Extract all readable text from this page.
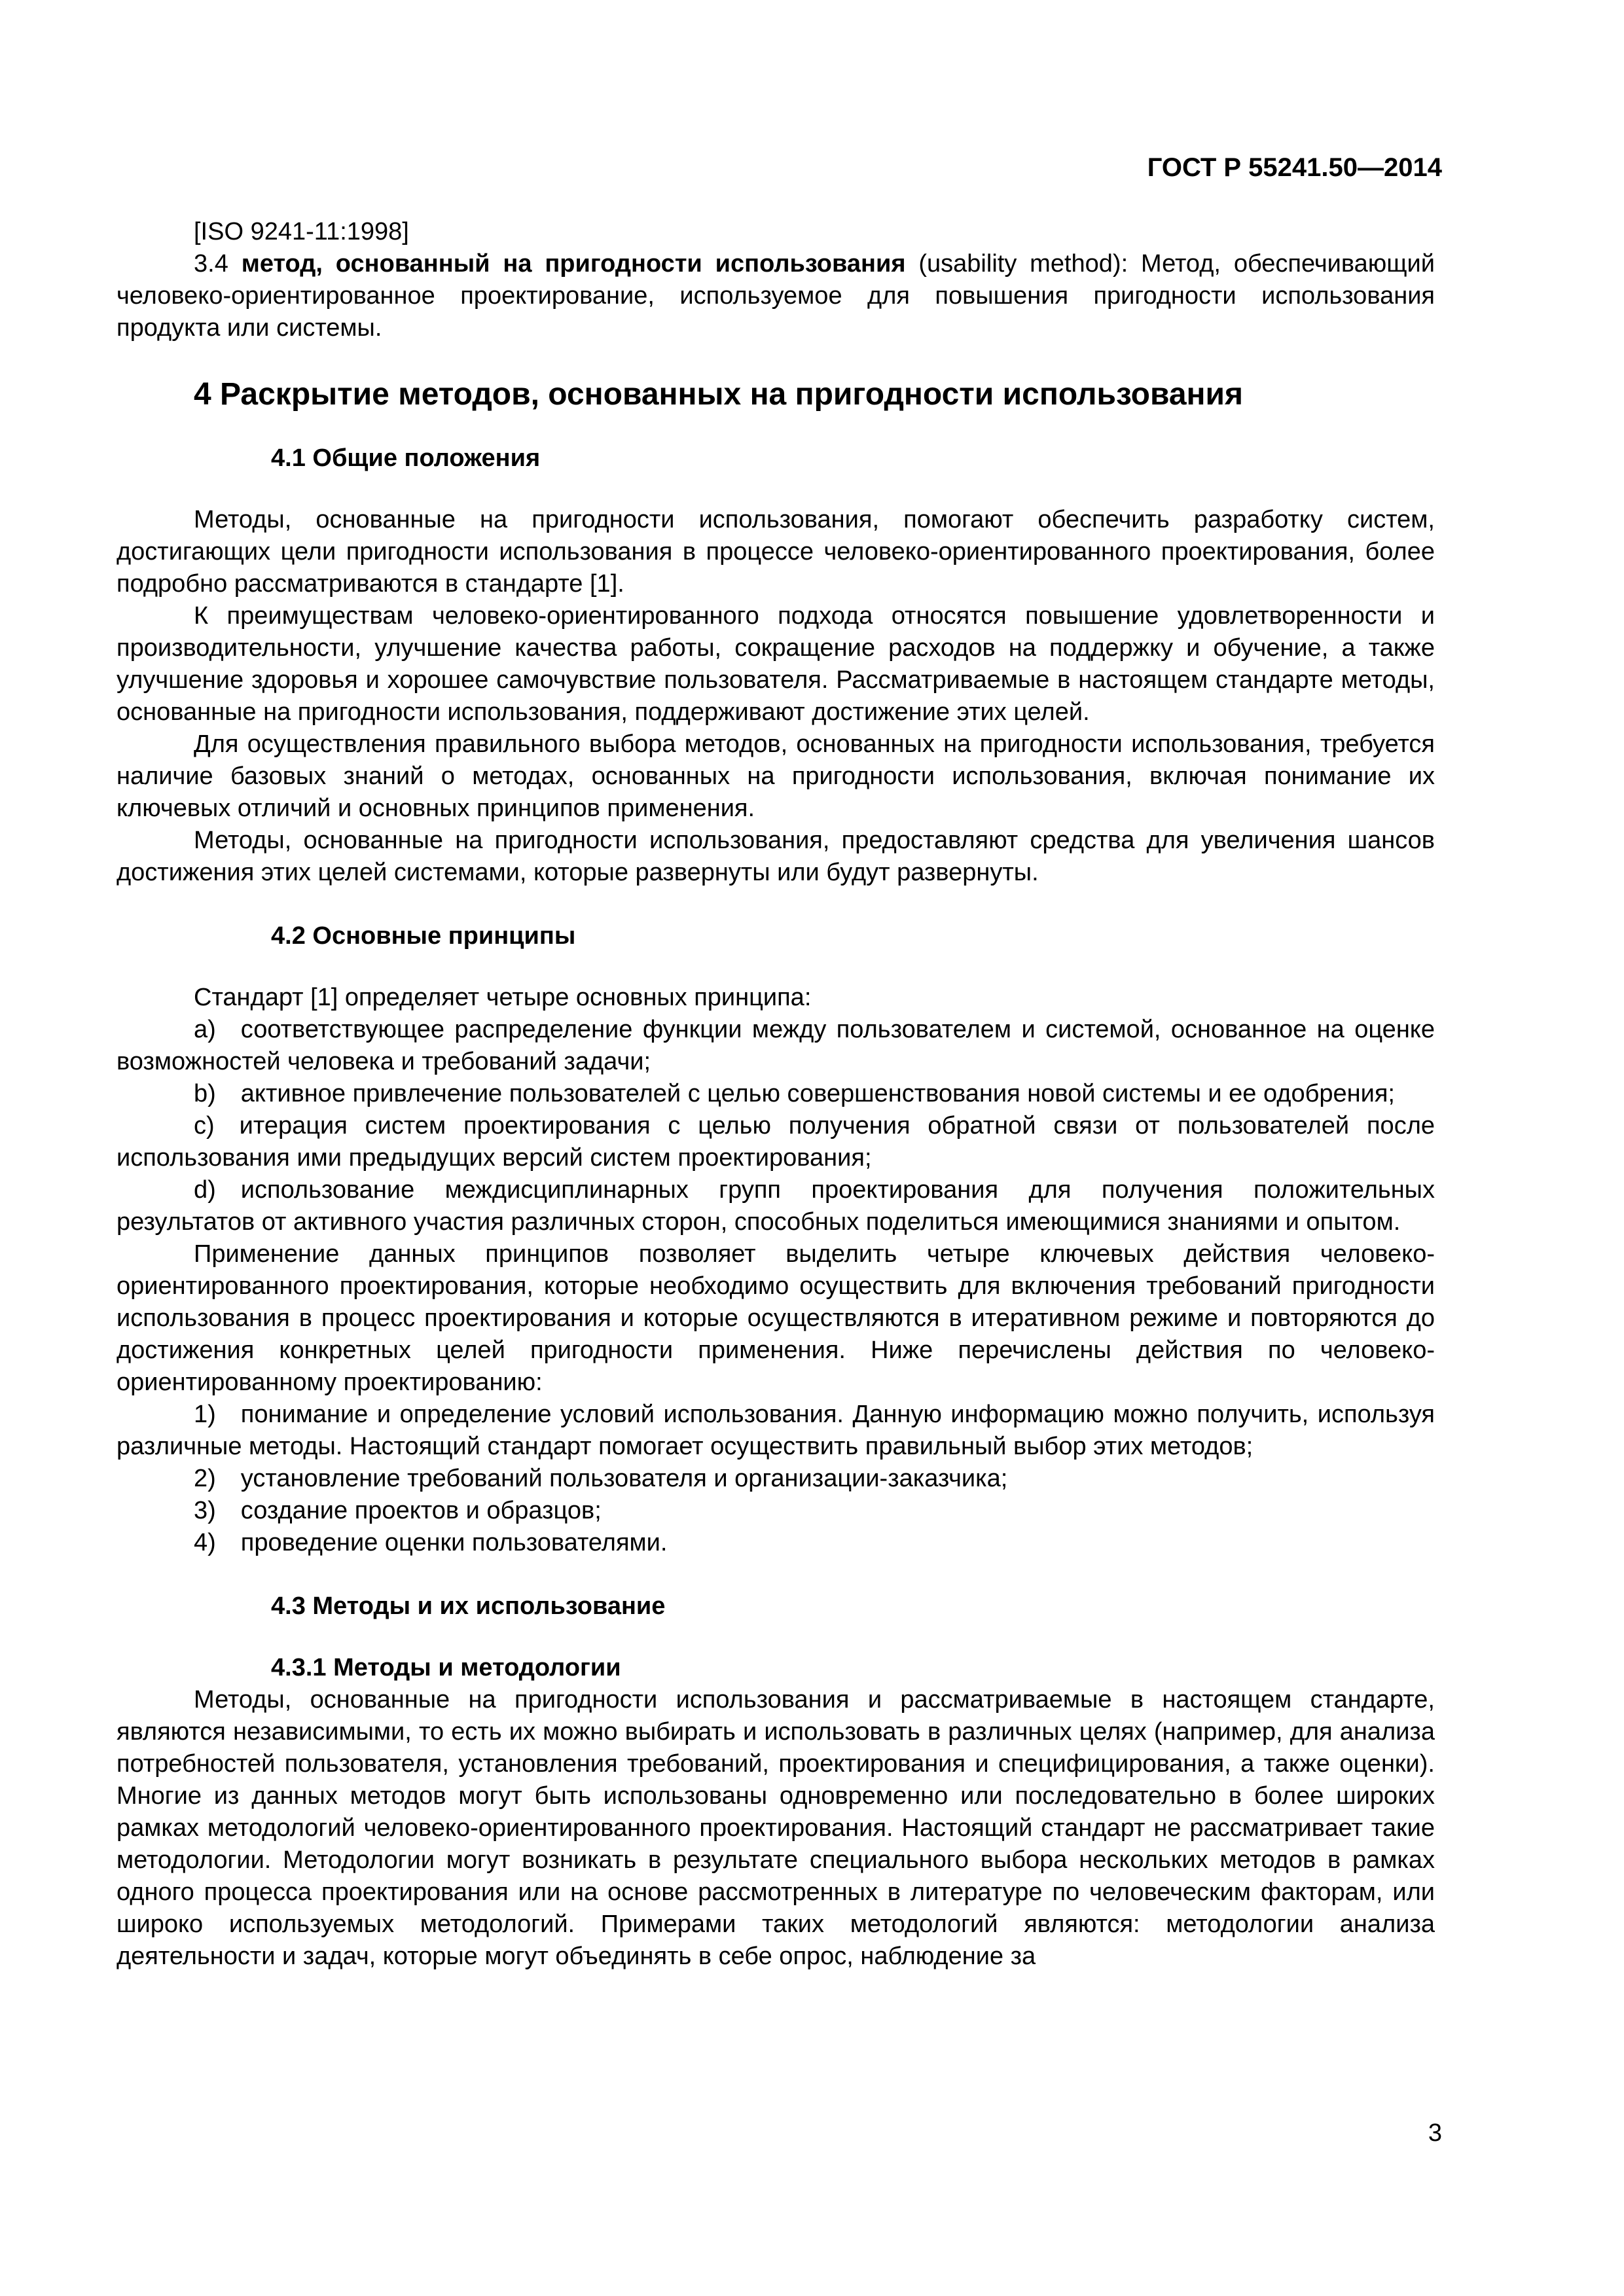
ГОСТ Р 55241.50—2014

[ISO 9241-11:1998]

3.4 метод, основанный на пригодности использования (usability method): Метод, обеспечивающий человеко-ориентированное проектирование, используемое для повышения пригодности использования продукта или системы.

4 Раскрытие методов, основанных на пригодности использования

4.1 Общие положения

Методы, основанные на пригодности использования, помогают обеспечить разработку систем, достигающих цели пригодности использования в процессе человеко-ориентированного проектирования, более подробно рассматриваются в стандарте [1].

К преимуществам человеко-ориентированного подхода относятся повышение удовлетворенности и производительности, улучшение качества работы, сокращение расходов на поддержку и обучение, а также улучшение здоровья и хорошее самочувствие пользователя. Рассматриваемые в настоящем стандарте методы, основанные на пригодности использования, поддерживают достижение этих целей.

Для осуществления правильного выбора методов, основанных на пригодности использования, требуется наличие базовых знаний о методах, основанных на пригодности использования, включая понимание их ключевых отличий и основных принципов применения.

Методы, основанные на пригодности использования, предоставляют средства для увеличения шансов достижения этих целей системами, которые развернуты или будут развернуты.

4.2 Основные принципы

Стандарт [1] определяет четыре основных принципа:

a) соответствующее распределение функции между пользователем и системой, основанное на оценке возможностей человека и требований задачи;

b) активное привлечение пользователей с целью совершенствования новой системы и ее одобрения;

c) итерация систем проектирования с целью получения обратной связи от пользователей после использования ими предыдущих версий систем проектирования;

d) использование междисциплинарных групп проектирования для получения положительных результатов от активного участия различных сторон, способных поделиться имеющимися знаниями и опытом.

Применение данных принципов позволяет выделить четыре ключевых действия человеко-ориентированного проектирования, которые необходимо осуществить для включения требований пригодности использования в процесс проектирования и которые осуществляются в итеративном режиме и повторяются до достижения конкретных целей пригодности применения. Ниже перечислены действия по человеко-ориентированному проектированию:

1) понимание и определение условий использования. Данную информацию можно получить, используя различные методы. Настоящий стандарт помогает осуществить правильный выбор этих методов;

2) установление требований пользователя и организации-заказчика;

3) создание проектов и образцов;

4) проведение оценки пользователями.

4.3 Методы и их использование

4.3.1 Методы и методологии

Методы, основанные на пригодности использования и рассматриваемые в настоящем стандарте, являются независимыми, то есть их можно выбирать и использовать в различных целях (например, для анализа потребностей пользователя, установления требований, проектирования и специфицирования, а также оценки). Многие из данных методов могут быть использованы одновременно или последовательно в более широких рамках методологий человеко-ориентированного проектирования. Настоящий стандарт не рассматривает такие методологии. Методологии могут возникать в результате специального выбора нескольких методов в рамках одного процесса проектирования или на основе рассмотренных в литературе по человеческим факторам, или широко используемых методологий. Примерами таких методологий являются: методологии анализа деятельности и задач, которые могут объединять в себе опрос, наблюдение за

3
